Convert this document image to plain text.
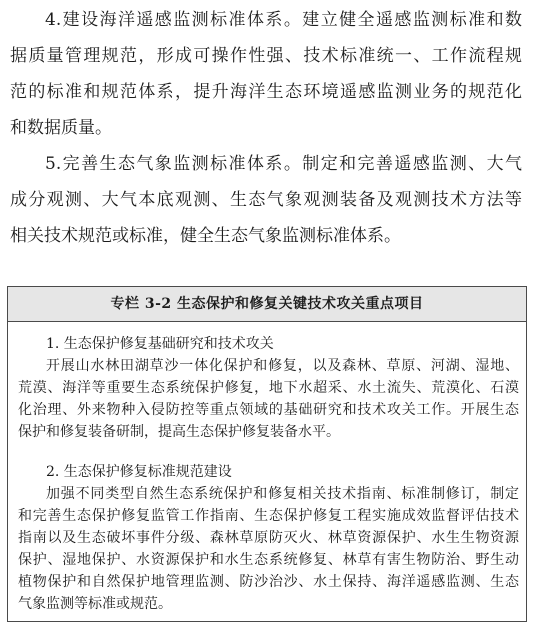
4.建设海洋遥感监测标准体系。建立健全遥感监测标准和数
据质量管理规范，形成可操作性强、技术标准统一、工作流程规
范的标准和规范体系，提升海洋生态环境遥感监测业务的规范化
和数据质量。
5.完善生态气象监测标准体系。制定和完善遥感监测、大气
成分观测、大气本底观测、生态气象观测装备及观测技术方法等
相关技术规范或标准，健全生态气象监测标准体系。
专栏 3-2 生态保护和修复关键技术攻关重点项目
1. 生态保护修复基础研究和技术攻关
开展山水林田湖草沙一体化保护和修复，以及森林、草原、河湖、湿地、
荒漠、海洋等重要生态系统保护修复，地下水超采、水土流失、荒漠化、石漠
化治理、外来物种入侵防控等重点领域的基础研究和技术攻关工作。开展生态
保护和修复装备研制，提高生态保护修复装备水平。
2. 生态保护修复标准规范建设
加强不同类型自然生态系统保护和修复相关技术指南、标准制修订，制定
和完善生态保护修复监管工作指南、生态保护修复工程实施成效监督评估技术
指南以及生态破坏事件分级、森林草原防灭火、林草资源保护、水生生物资源
保护、湿地保护、水资源保护和水生态系统修复、林草有害生物防治、野生动
植物保护和自然保护地管理监测、防沙治沙、水土保持、海洋遥感监测、生态
气象监测等标准或规范。
